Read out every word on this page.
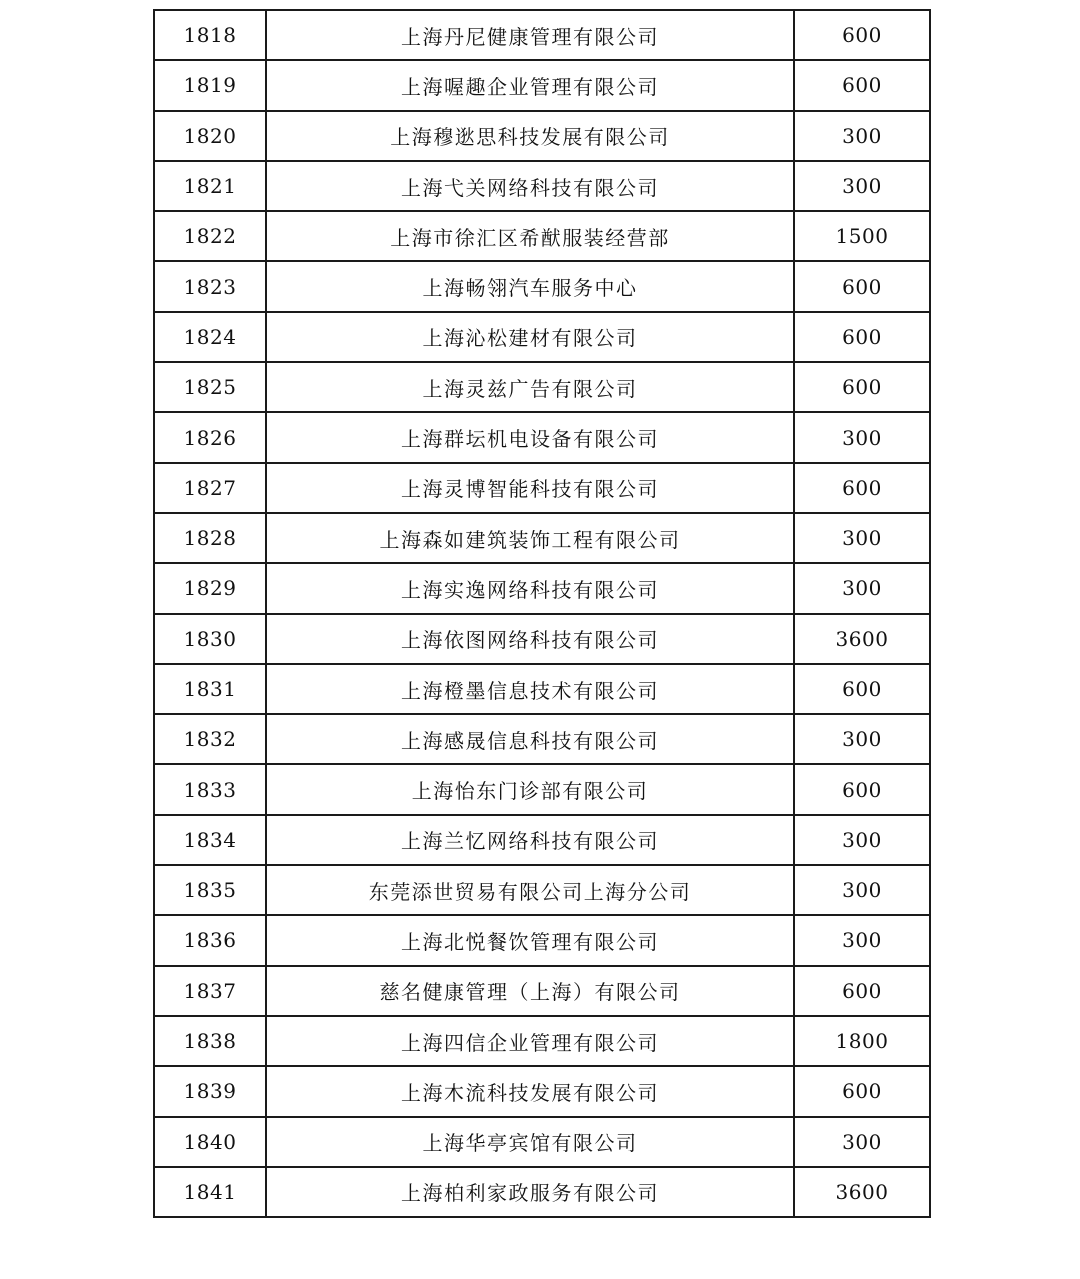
1818	上海丹尼健康管理有限公司	600
1819	上海喔趣企业管理有限公司	600
1820	上海穆逖思科技发展有限公司	300
1821	上海弋关网络科技有限公司	300
1822	上海市徐汇区希猷服装经营部	1500
1823	上海畅翎汽车服务中心	600
1824	上海沁松建材有限公司	600
1825	上海灵兹广告有限公司	600
1826	上海群坛机电设备有限公司	300
1827	上海灵博智能科技有限公司	600
1828	上海森如建筑装饰工程有限公司	300
1829	上海实逸网络科技有限公司	300
1830	上海依图网络科技有限公司	3600
1831	上海橙墨信息技术有限公司	600
1832	上海感晟信息科技有限公司	300
1833	上海怡东门诊部有限公司	600
1834	上海兰忆网络科技有限公司	300
1835	东莞添世贸易有限公司上海分公司	300
1836	上海北悦餐饮管理有限公司	300
1837	慈名健康管理（上海）有限公司	600
1838	上海四信企业管理有限公司	1800
1839	上海木流科技发展有限公司	600
1840	上海华亭宾馆有限公司	300
1841	上海柏利家政服务有限公司	3600
